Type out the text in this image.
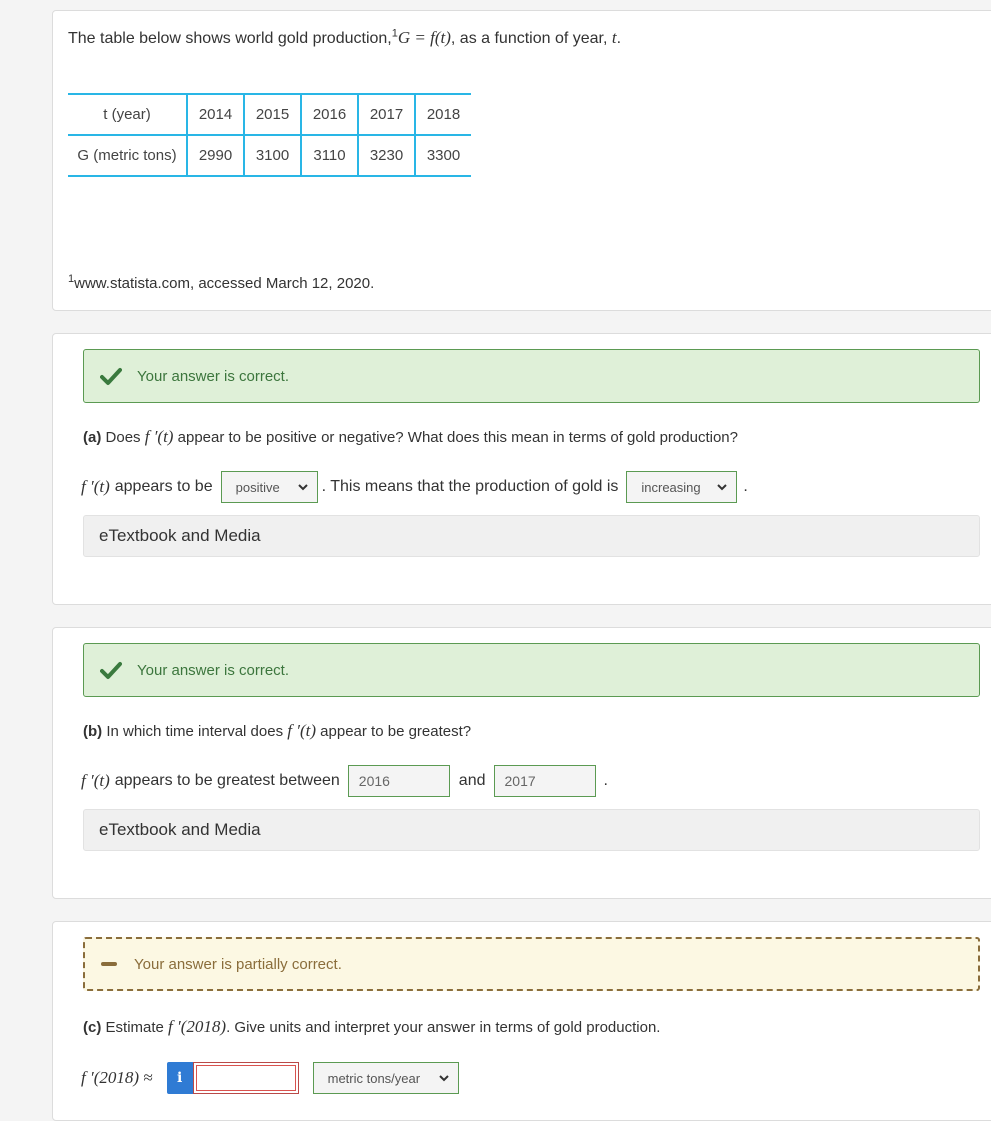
The table below shows world gold production,$^1$G = f(t), as a function of year, t.
t (year)	2014	2015	2016	2017	2018
G (metric tons)	2990	3100	3110	3230	3300
$^1$www.statista.com, accessed March 12, 2020.
Your answer is correct.
(a) Does f ′(t) appear to be positive or negative? What does this mean in terms of gold production?
f ′(t) appears to be positive	. This means that the production of gold is increasing	.
eTextbook and Media
Your answer is correct.
(b) In which time interval does f ′(t) appear to be greatest?
f ′(t) appears to be greatest between	2016	and	2017	.
eTextbook and Media
Your answer is partially correct.
(c) Estimate f ′(2018). Give units and interpret your answer in terms of gold production.
f ′(2018) ≈	i	metric tons/year
